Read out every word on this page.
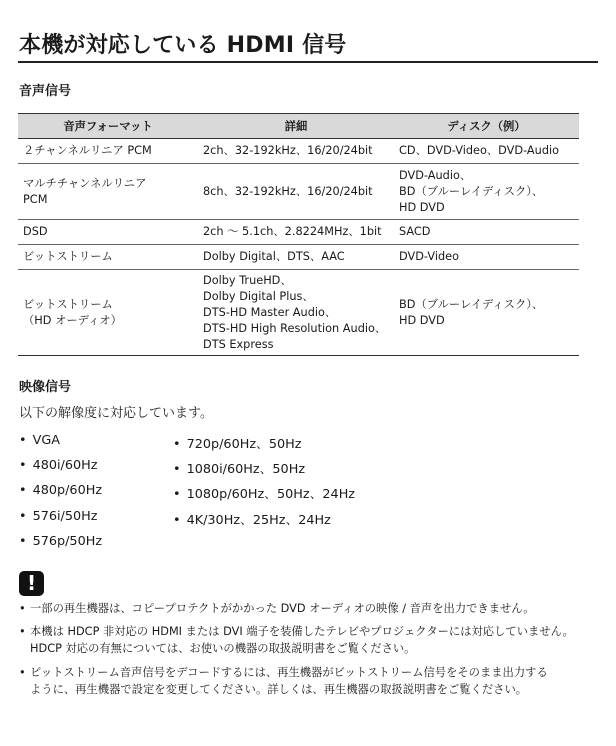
本機が対応している HDMI 信号
音声信号
音声フォーマット	詳細	ディスク（例）

２チャンネルリニア PCM	2ch、32-192kHz、16/20/24bit	CD、DVD-Video、DVD-Audio

マルチチャンネルリニア
PCM	8ch、32-192kHz、16/20/24bit	DVD-Audio、
BD（ブルーレイディスク）、
HD DVD

DSD	2ch 〜 5.1ch、2.8224MHz、1bit	SACD

ビットストリーム	Dolby Digital、DTS、AAC	DVD-Video

ビットストリーム
（HD オーディオ）	Dolby TrueHD、
Dolby Digital Plus、
DTS-HD Master Audio、
DTS-HD High Resolution Audio、
DTS Express	BD（ブルーレイディスク）、
HD DVD
映像信号
以下の解像度に対応しています。
• VGA
• 480i/60Hz
• 480p/60Hz
• 576i/50Hz
• 576p/50Hz
• 720p/60Hz、50Hz
• 1080i/60Hz、50Hz
• 1080p/60Hz、50Hz、24Hz
• 4K/30Hz、25Hz、24Hz
!
• 一部の再生機器は、コピープロテクトがかかった DVD オーディオの映像 / 音声を出力できません。
• 本機は HDCP 非対応の HDMI または DVI 端子を装備したテレビやプロジェクターには対応していません。
HDCP 対応の有無については、お使いの機器の取扱説明書をご覧ください。
• ビットストリーム音声信号をデコードするには、再生機器がビットストリーム信号をそのまま出力する
ように、再生機器で設定を変更してください。詳しくは、再生機器の取扱説明書をご覧ください。
